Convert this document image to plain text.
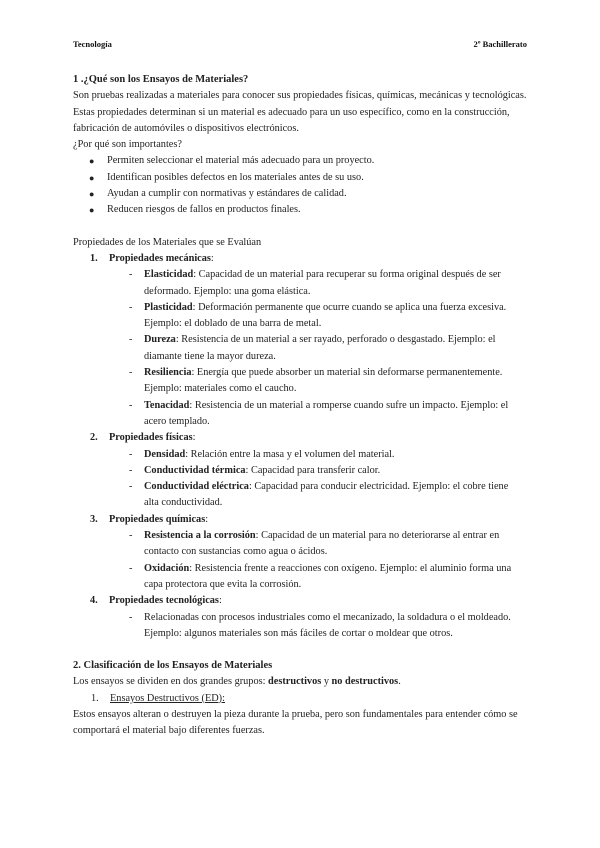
Tecnología	2º Bachillerato
1 .¿Qué son los Ensayos de Materiales?

Son pruebas realizadas a materiales para conocer sus propiedades físicas, químicas, mecánicas y tecnológicas.

Estas propiedades determinan si un material es adecuado para un uso específico, como en la construcción,

fabricación de automóviles o dispositivos electrónicos.

¿Por qué son importantes?

● Permiten seleccionar el material más adecuado para un proyecto.
● Identifican posibles defectos en los materiales antes de su uso.
● Ayudan a cumplir con normativas y estándares de calidad.
● Reducen riesgos de fallos en productos finales.

Propiedades de los Materiales que se Evalúan

1. Propiedades mecánicas:
- Elasticidad: Capacidad de un material para recuperar su forma original después de ser
deformado. Ejemplo: una goma elástica.
- Plasticidad: Deformación permanente que ocurre cuando se aplica una fuerza excesiva.
Ejemplo: el doblado de una barra de metal.
- Dureza: Resistencia de un material a ser rayado, perforado o desgastado. Ejemplo: el
diamante tiene la mayor dureza.
- Resiliencia: Energía que puede absorber un material sin deformarse permanentemente.
Ejemplo: materiales como el caucho.
- Tenacidad: Resistencia de un material a romperse cuando sufre un impacto. Ejemplo: el
acero templado.
2. Propiedades físicas:
- Densidad: Relación entre la masa y el volumen del material.
- Conductividad térmica: Capacidad para transferir calor.
- Conductividad eléctrica: Capacidad para conducir electricidad. Ejemplo: el cobre tiene
alta conductividad.
3. Propiedades químicas:
- Resistencia a la corrosión: Capacidad de un material para no deteriorarse al entrar en
contacto con sustancias como agua o ácidos.
- Oxidación: Resistencia frente a reacciones con oxígeno. Ejemplo: el aluminio forma una
capa protectora que evita la corrosión.
4. Propiedades tecnológicas:
- Relacionadas con procesos industriales como el mecanizado, la soldadura o el moldeado.
Ejemplo: algunos materiales son más fáciles de cortar o moldear que otros.
2. Clasificación de los Ensayos de Materiales

Los ensayos se dividen en dos grandes grupos: destructivos y no destructivos.

1. Ensayos Destructivos (ED):

Estos ensayos alteran o destruyen la pieza durante la prueba, pero son fundamentales para entender cómo se

comportará el material bajo diferentes fuerzas.
